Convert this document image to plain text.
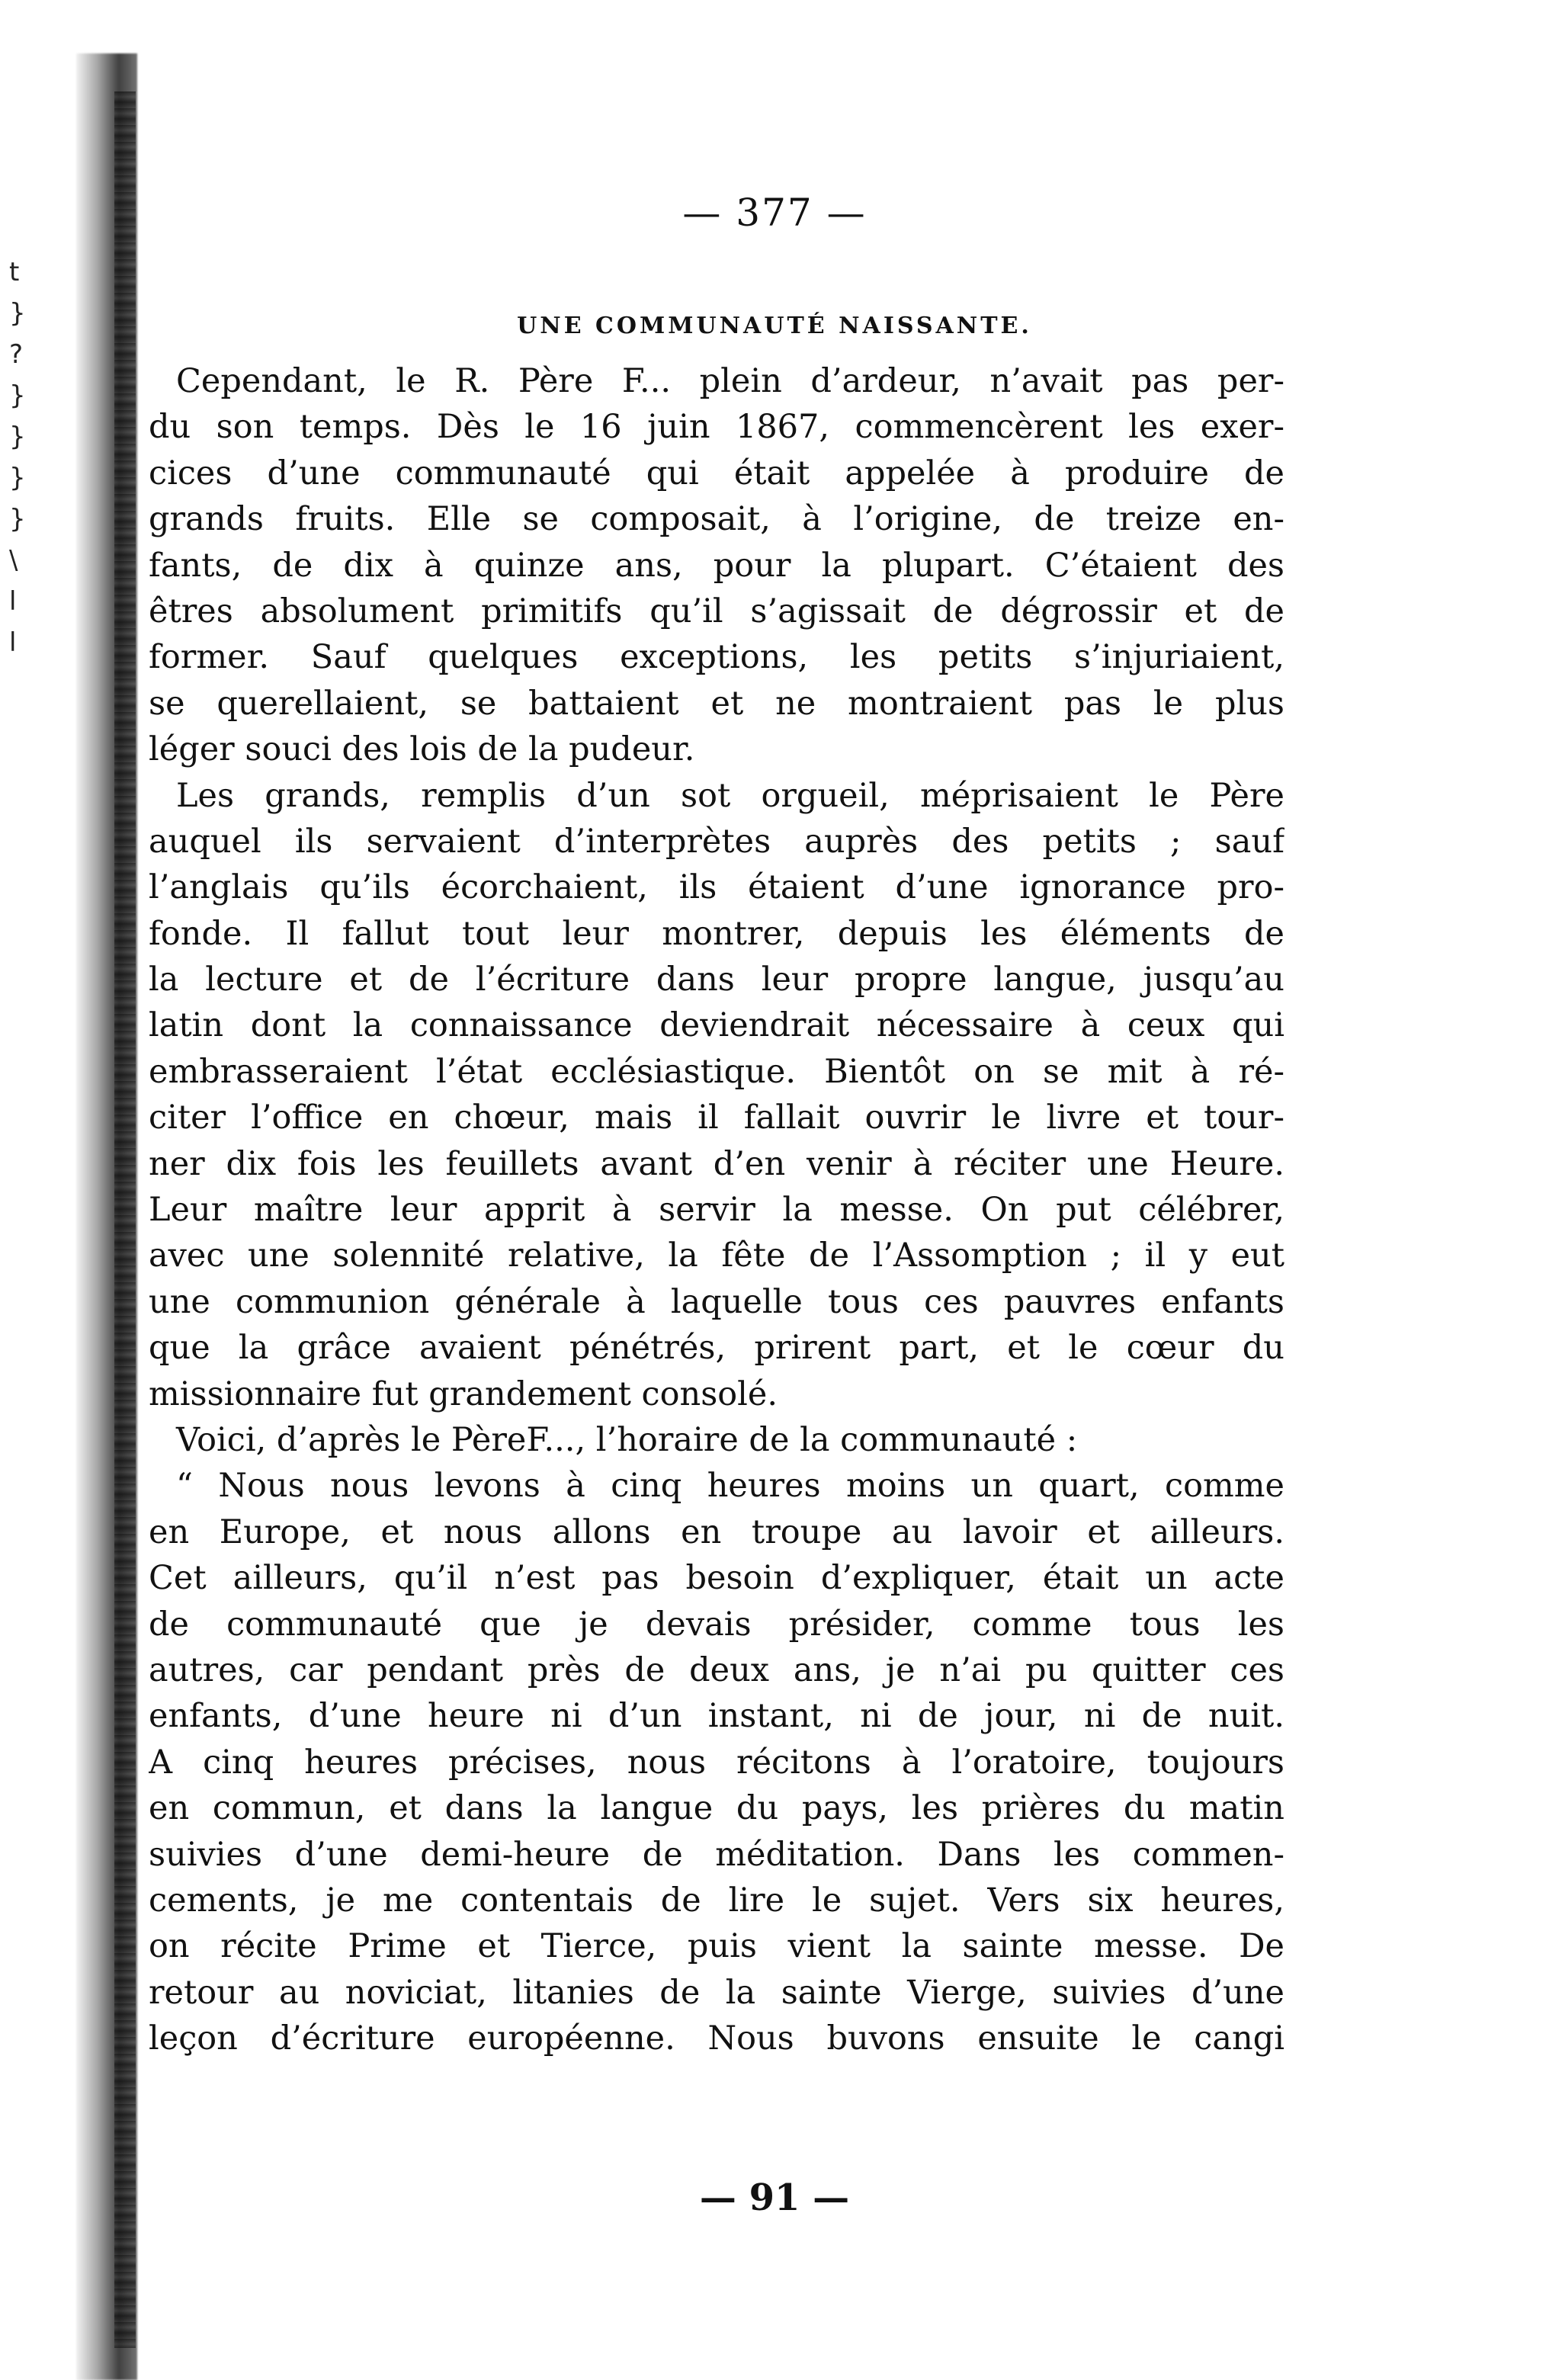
t
}
?
}
}
}
}
\
l
l
— 377 —
UNE COMMUNAUTÉ NAISSANTE.
Cependant, le R. Père F... plein d’ardeur, n’avait pas per-
du son temps. Dès le 16 juin 1867, commencèrent les exer-
cices d’une communauté qui était appelée à produire de
grands fruits. Elle se composait, à l’origine, de treize en-
fants, de dix à quinze ans, pour la plupart. C’étaient des
êtres absolument primitifs qu’il s’agissait de dégrossir et de
former. Sauf quelques exceptions, les petits s’injuriaient,
se querellaient, se battaient et ne montraient pas le plus
léger souci des lois de la pudeur.
Les grands, remplis d’un sot orgueil, méprisaient le Père
auquel ils servaient d’interprètes auprès des petits ; sauf
l’anglais qu’ils écorchaient, ils étaient d’une ignorance pro-
fonde. Il fallut tout leur montrer, depuis les éléments de
la lecture et de l’écriture dans leur propre langue, jusqu’au
latin dont la connaissance deviendrait nécessaire à ceux qui
embrasseraient l’état ecclésiastique. Bientôt on se mit à ré-
citer l’office en chœur, mais il fallait ouvrir le livre et tour-
ner dix fois les feuillets avant d’en venir à réciter une Heure.
Leur maître leur apprit à servir la messe. On put célébrer,
avec une solennité relative, la fête de l’Assomption ; il y eut
une communion générale à laquelle tous ces pauvres enfants
que la grâce avaient pénétrés, prirent part, et le cœur du
missionnaire fut grandement consolé.
Voici, d’après le PèreF..., l’horaire de la communauté :
“ Nous nous levons à cinq heures moins un quart, comme
en Europe, et nous allons en troupe au lavoir et ailleurs.
Cet ailleurs, qu’il n’est pas besoin d’expliquer, était un acte
de communauté que je devais présider, comme tous les
autres, car pendant près de deux ans, je n’ai pu quitter ces
enfants, d’une heure ni d’un instant, ni de jour, ni de nuit.
A cinq heures précises, nous récitons à l’oratoire, toujours
en commun, et dans la langue du pays, les prières du matin
suivies d’une demi-heure de méditation. Dans les commen-
cements, je me contentais de lire le sujet. Vers six heures,
on récite Prime et Tierce, puis vient la sainte messe. De
retour au noviciat, litanies de la sainte Vierge, suivies d’une
leçon d’écriture européenne. Nous buvons ensuite le cangi
— 91 —
